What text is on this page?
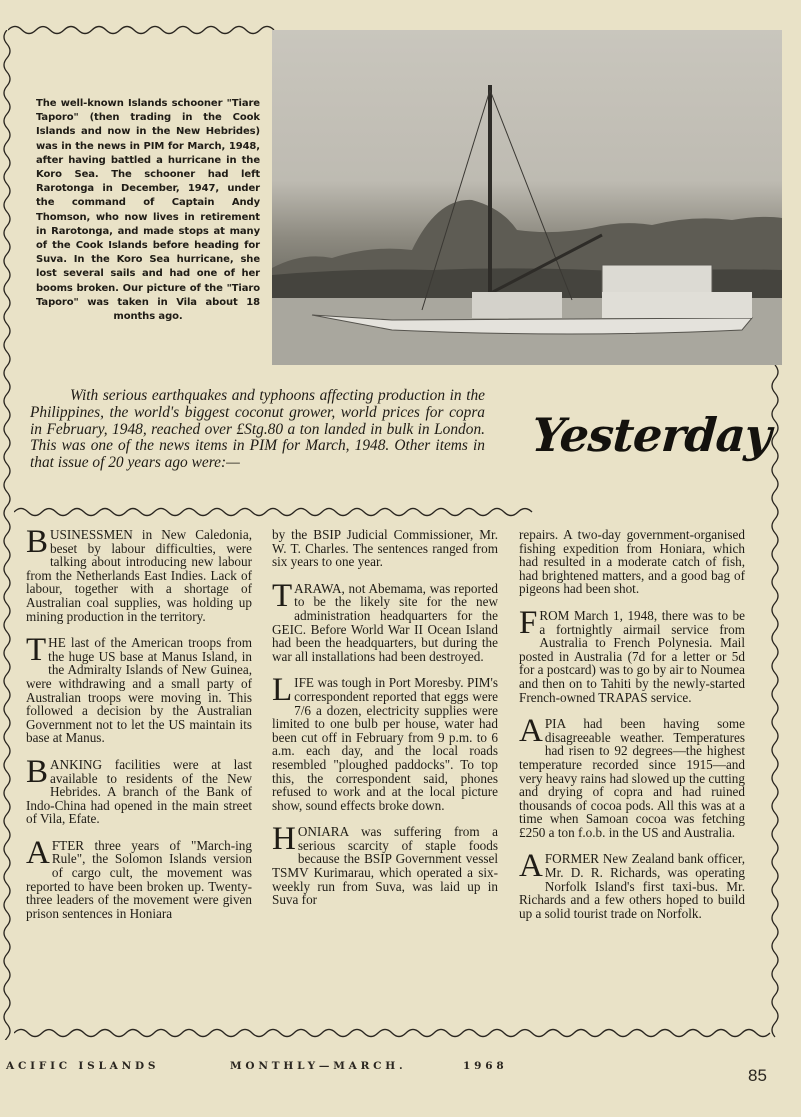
The well-known Islands schooner "Tiare Taporo" (then trading in the Cook Islands and now in the New Hebrides) was in the news in PIM for March, 1948, after having battled a hurricane in the Koro Sea. The schooner had left Rarotonga in December, 1947, under the command of Captain Andy Thomson, who now lives in retirement in Rarotonga, and made stops at many of the Cook Islands before heading for Suva. In the Koro Sea hurricane, she lost several sails and had one of her booms broken. Our picture of the "Tiaro Taporo" was taken in Vila about 18 months ago.
With serious earthquakes and typhoons affecting production in the Philippines, the world's biggest coconut grower, world prices for copra in February, 1948, reached over £Stg.80 a ton landed in bulk in London. This was one of the news items in PIM for March, 1948. Other items in that issue of 20 years ago were:—
Yesterday
BUSINESSMEN in New Caledonia, beset by labour difficulties, were talking about introducing new labour from the Netherlands East Indies. Lack of labour, together with a shortage of Australian coal supplies, was holding up mining production in the territory.
THE last of the American troops from the huge US base at Manus Island, in the Admiralty Islands of New Guinea, were withdrawing and a small party of Australian troops were moving in. This followed a decision by the Australian Government not to let the US maintain its base at Manus.
BANKING facilities were at last available to residents of the New Hebrides. A branch of the Bank of Indo-China had opened in the main street of Vila, Efate.
AFTER three years of "March-ing Rule", the Solomon Islands version of cargo cult, the movement was reported to have been broken up. Twenty-three leaders of the movement were given prison sentences in Honiara
by the BSIP Judicial Commissioner, Mr. W. T. Charles. The sentences ranged from six years to one year.
TARAWA, not Abemama, was reported to be the likely site for the new administration headquarters for the GEIC. Before World War II Ocean Island had been the headquarters, but during the war all installations had been destroyed.
LIFE was tough in Port Moresby. PIM's correspondent reported that eggs were 7/6 a dozen, electricity supplies were limited to one bulb per house, water had been cut off in February from 9 p.m. to 6 a.m. each day, and the local roads resembled "ploughed paddocks". To top this, the correspondent said, phones refused to work and at the local picture show, sound effects broke down.
HONIARA was suffering from a serious scarcity of staple foods because the BSIP Government vessel TSMV Kurimarau, which operated a six-weekly run from Suva, was laid up in Suva for
repairs. A two-day government-organised fishing expedition from Honiara, which had resulted in a moderate catch of fish, had brightened matters, and a good bag of pigeons had been shot.
FROM March 1, 1948, there was to be a fortnightly airmail service from Australia to French Polynesia. Mail posted in Australia (7d for a letter or 5d for a postcard) was to go by air to Noumea and then on to Tahiti by the newly-started French-owned TRAPAS service.
APIA had been having some disagreeable weather. Temperatures had risen to 92 degrees—the highest temperature recorded since 1915—and very heavy rains had slowed up the cutting and drying of copra and had ruined thousands of cocoa pods. All this was at a time when Samoan cocoa was fetching £250 a ton f.o.b. in the US and Australia.
AFORMER New Zealand bank officer, Mr. D. R. Richards, was operating Norfolk Island's first taxi-bus. Mr. Richards and a few others hoped to build up a solid tourist trade on Norfolk.
ACIFIC ISLANDS	MONTHLY—MARCH.	1968	85
